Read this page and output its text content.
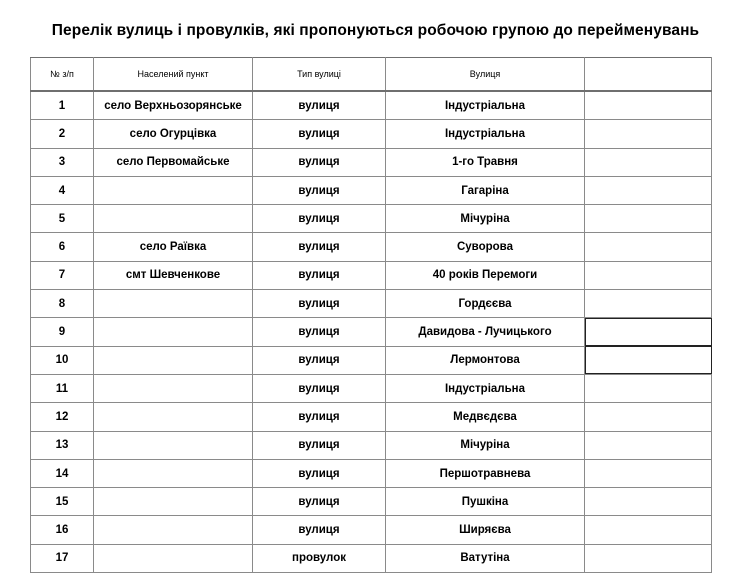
Перелік вулиць і провулків, які пропонуються робочою групою до перейменувань
№ з/п	Населений пункт	Тип вулиці	Вулиця	
1	село Верхньозорянське	вулиця	Індустріальна	
2	село Огурцівка	вулиця	Індустріальна	
3	село Первомайське	вулиця	1-го Травня	
4		вулиця	Гагаріна	
5		вулиця	Мічуріна	
6	село Раївка	вулиця	Суворова	
7	смт Шевченкове	вулиця	40 років Перемоги	
8		вулиця	Гордєєва	
9		вулиця	Давидова - Лучицького	
10		вулиця	Лермонтова	
11		вулиця	Індустріальна	
12		вулиця	Медвєдєва	
13		вулиця	Мічуріна	
14		вулиця	Першотравнева	
15		вулиця	Пушкіна	
16		вулиця	Ширяєва	
17		провулок	Ватутіна	
